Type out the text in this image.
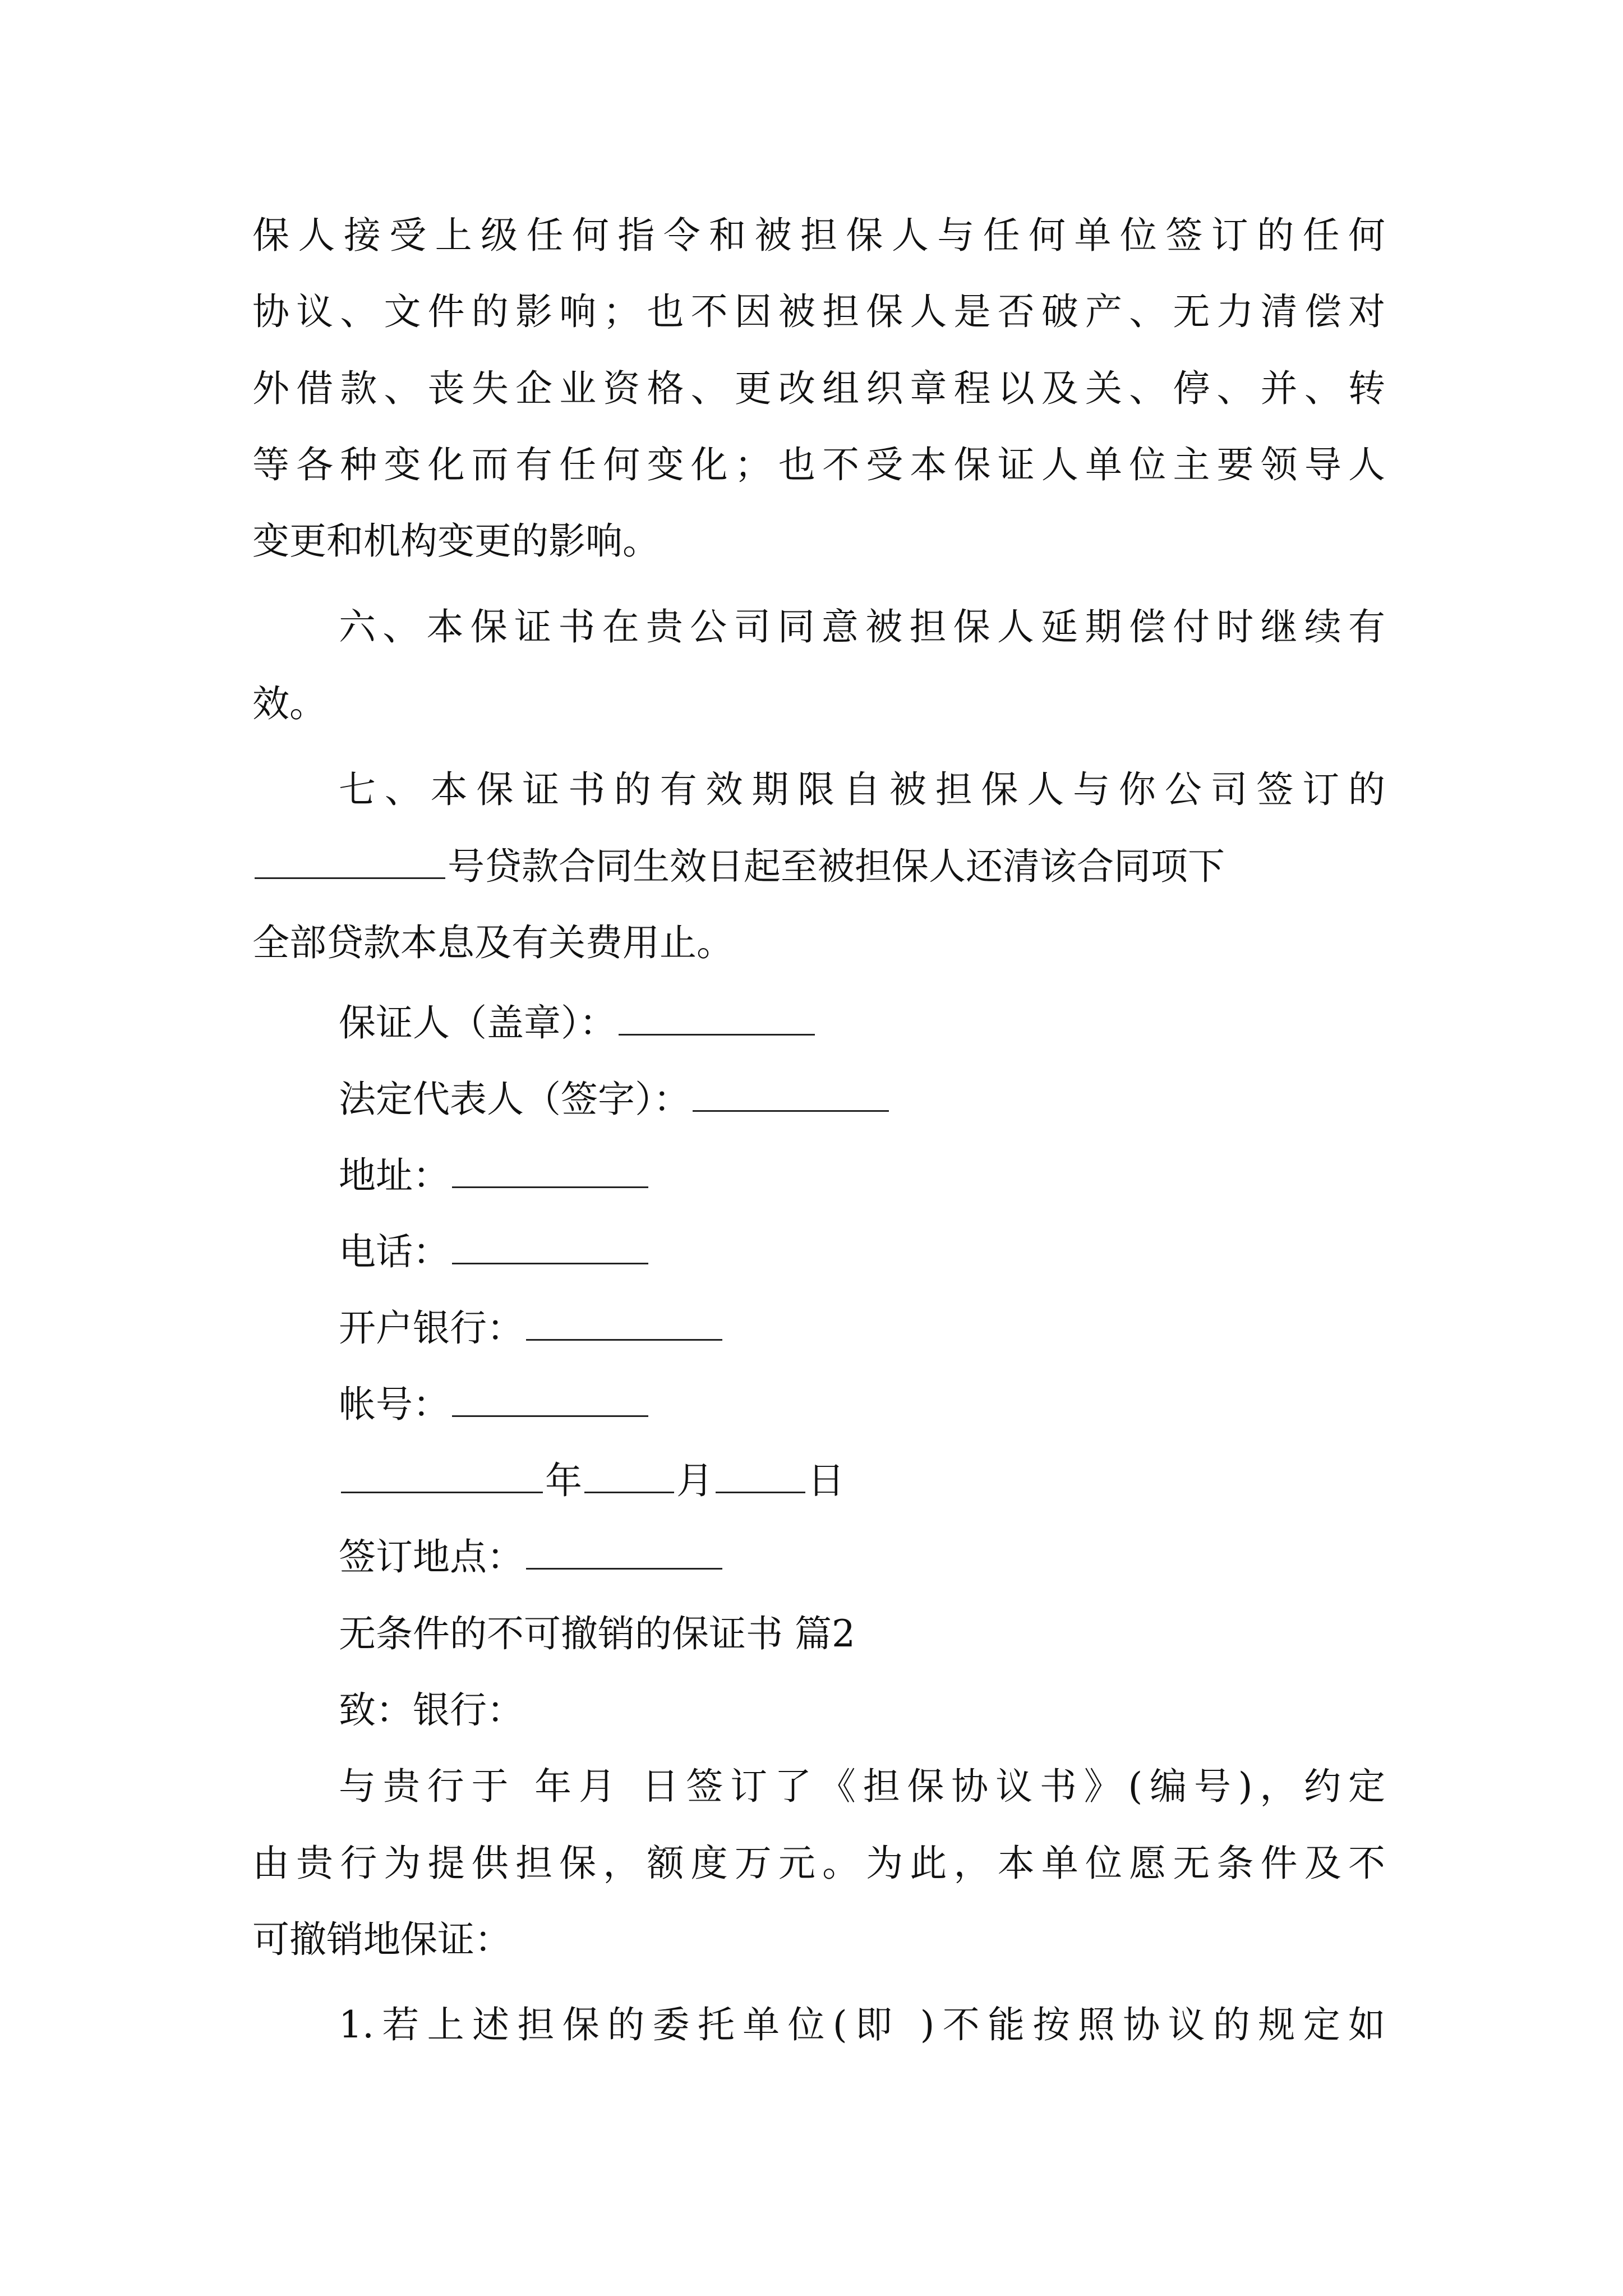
保人接受上级任何指令和被担保人与任何单位签订的任何
协议、文件的影响；也不因被担保人是否破产、无力清偿对
外借款、丧失企业资格、更改组织章程以及关、停、并、转
等各种变化而有任何变化；也不受本保证人单位主要领导人
变更和机构变更的影响。
六、本保证书在贵公司同意被担保人延期偿付时继续有
效。
七、本保证书的有效期限自被担保人与你公司签订的
号贷款合同生效日起至被担保人还清该合同项下
全部贷款本息及有关费用止。
保证人（盖章）：
法定代表人（签字）：
地址：
电话：
开户银行：
帐号：
年	月	日
签订地点：
无条件的不可撤销的保证书 篇2
致：银行：
与贵行于 年月 日签订了《担保协议书》(编号)，约定
由贵行为提供担保，额度万元。为此，本单位愿无条件及不
可撤销地保证：
1.若上述担保的委托单位(即 )不能按照协议的规定如
